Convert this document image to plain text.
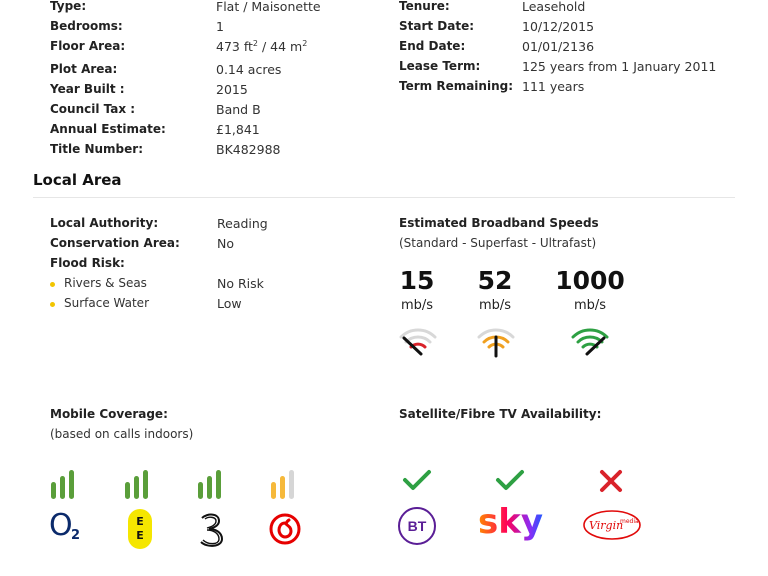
Type:	Flat / Maisonette
Bedrooms:	1
Floor Area:	473 $ft^2 / 44$ $m^2$
Plot Area:	0.14 acres
Year Built :	2015
Council Tax :	Band B
Annual Estimate:	£1,841
Title Number:	BK482988
Tenure:	Leasehold
Start Date:	10/12/2015
End Date:	01/01/2136
Lease Term:	125 years from 1 January 2011
Term Remaining: 111 years
Local Area
Local Authority:	Reading
Conservation Area:	No
Flood Risk:
Rivers & Seas	No Risk
Surface Water	Low
Estimated Broadband Speeds
(Standard - Superfast - Ultrafast)
15
mb/s
52
mb/s
1000
mb/s
Mobile Coverage:
(based on calls indoors)
O
2
E
E
Satellite/Fibre TV Availability:
BT sky	Virgin
media
